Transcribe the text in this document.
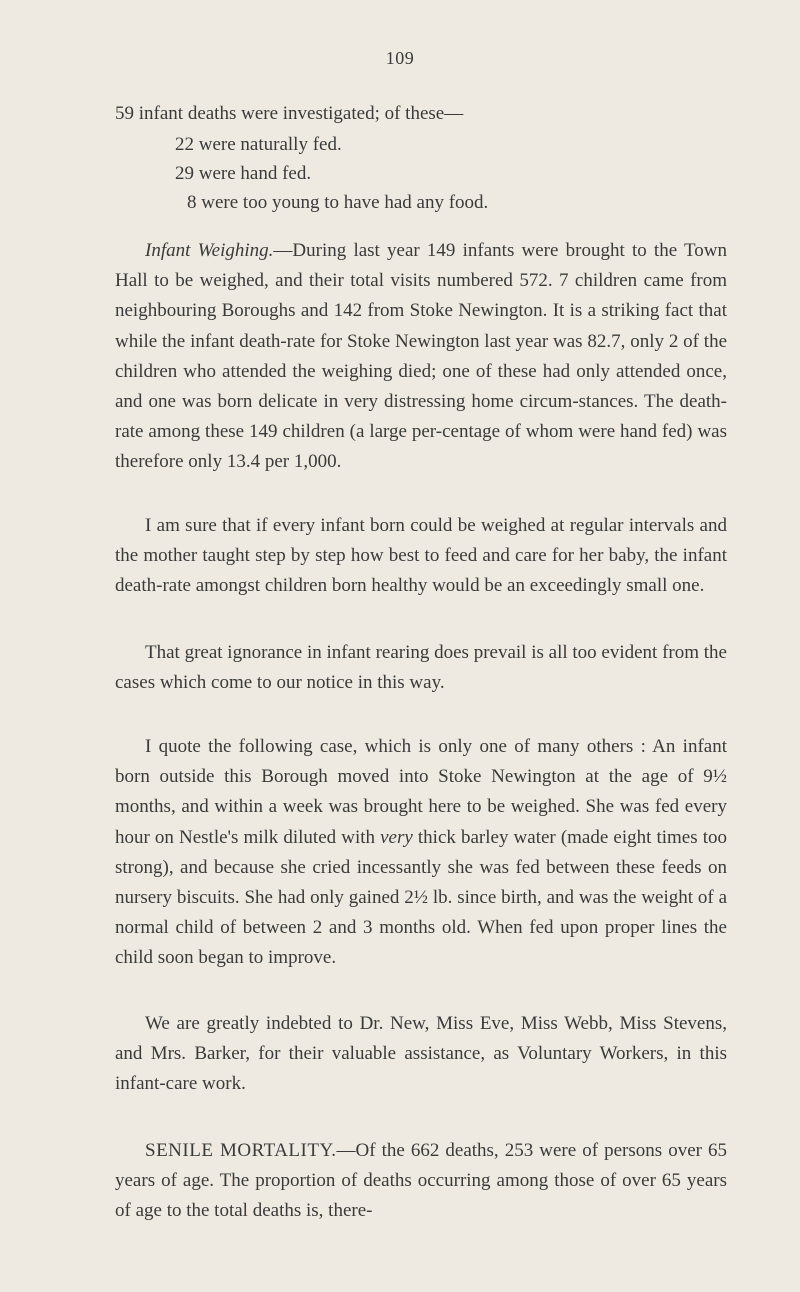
109
59 infant deaths were investigated; of these—
22 were naturally fed.
29 were hand fed.
8 were too young to have had any food.

Infant Weighing.—During last year 149 infants were brought to the Town Hall to be weighed, and their total visits numbered 572. 7 children came from neighbouring Boroughs and 142 from Stoke Newington. It is a striking fact that while the infant death-rate for Stoke Newington last year was 82.7, only 2 of the children who attended the weighing died; one of these had only attended once, and one was born delicate in very distressing home circum-stances. The death-rate among these 149 children (a large per-centage of whom were hand fed) was therefore only 13.4 per 1,000.

I am sure that if every infant born could be weighed at regular intervals and the mother taught step by step how best to feed and care for her baby, the infant death-rate amongst children born healthy would be an exceedingly small one.

That great ignorance in infant rearing does prevail is all too evident from the cases which come to our notice in this way.

I quote the following case, which is only one of many others : An infant born outside this Borough moved into Stoke Newington at the age of 9½ months, and within a week was brought here to be weighed. She was fed every hour on Nestle's milk diluted with very thick barley water (made eight times too strong), and because she cried incessantly she was fed between these feeds on nursery biscuits. She had only gained 2½ lb. since birth, and was the weight of a normal child of between 2 and 3 months old. When fed upon proper lines the child soon began to improve.

We are greatly indebted to Dr. New, Miss Eve, Miss Webb, Miss Stevens, and Mrs. Barker, for their valuable assistance, as Voluntary Workers, in this infant-care work.

SENILE MORTALITY.—Of the 662 deaths, 253 were of persons over 65 years of age. The proportion of deaths occurring among those of over 65 years of age to the total deaths is, there-
